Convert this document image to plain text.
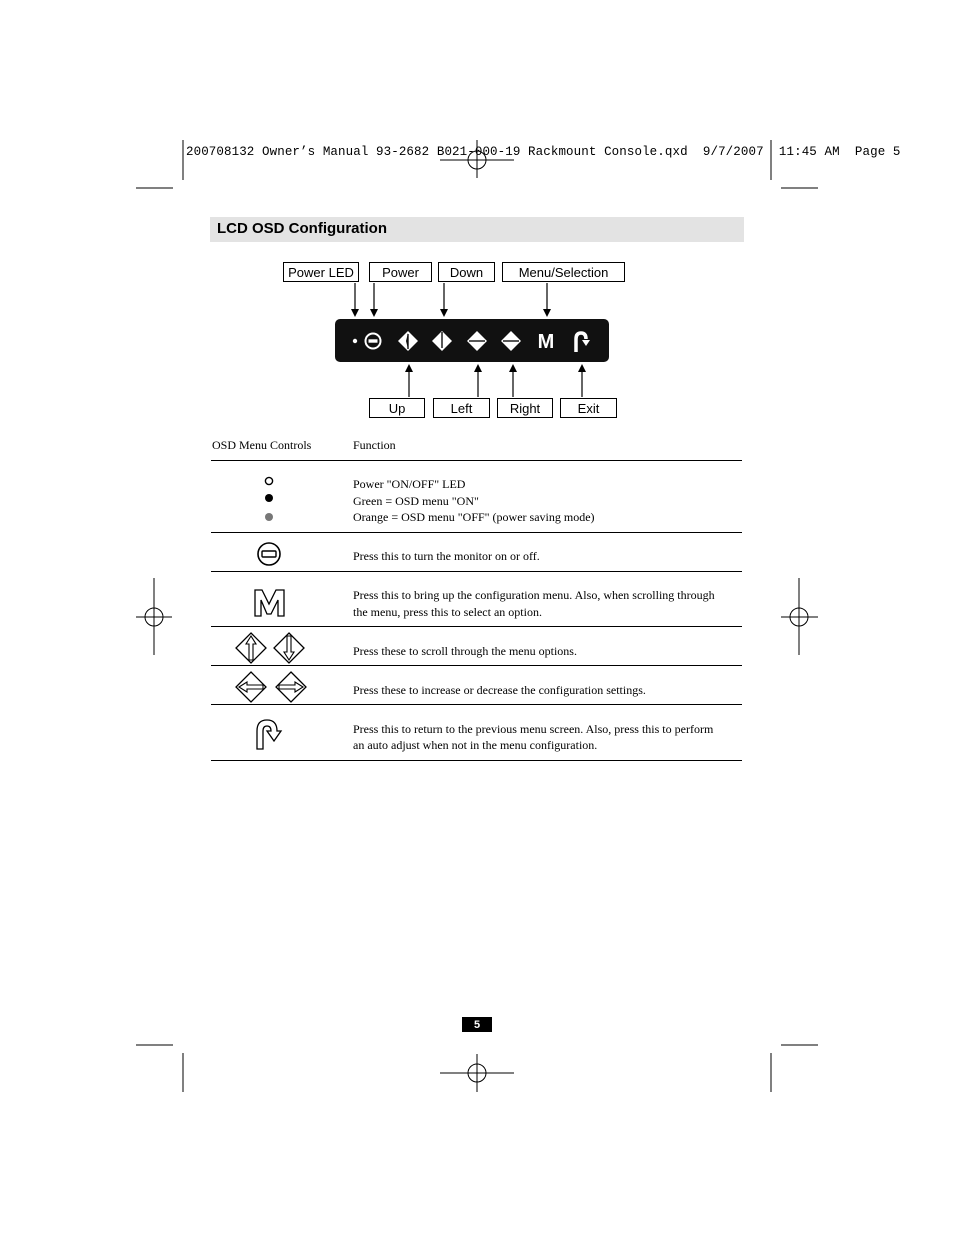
200708132 Owner’s Manual 93-2682 B021-000-19 Rackmount Console.qxd  9/7/2007  11:45 AM  Page 5
LCD OSD Configuration
Power LED	Power	Down	Menu/Selection
Up	Left	Right	Exit
M
OSD Menu Controls	Function
Power "ON/OFF" LED
Green = OSD menu "ON"
Orange = OSD menu "OFF" (power saving mode)
Press this to turn the monitor on or off.
Press this to bring up the configuration menu. Also, when scrolling through
the menu, press this to select an option.
Press these to scroll through the menu options.
Press these to increase or decrease the configuration settings.
Press this to return to the previous menu screen. Also, press this to perform
an auto adjust when not in the menu configuration.
5
